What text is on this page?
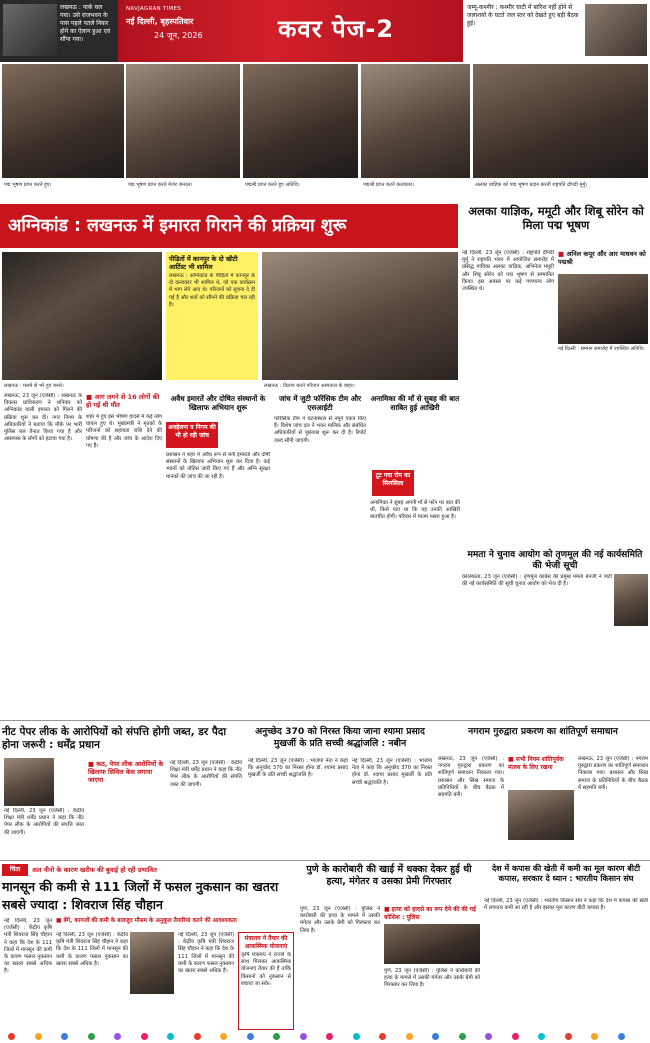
लखनऊ : पार्क चल गया। उसे राजभवन के पास पहले पतले निकर होने का ऐलान हुआ एवं सौंपा गया।
NAVJAGRAN TIMES
नई दिल्ली, बृहस्पतिवार
24 जून, 2026	कवर पेज-2
जम्मू-कश्मीर : कश्मीर घाटी में बारिश नहीं होने से जलाशयों के घटते जल स्तर को देखते हुए बड़ी बैठक हुई।
पद्म भूषण प्राप्त करते हुए।	पद्म भूषण प्राप्त करते मेजर जनरल।	पद्मश्री प्राप्त करते हुए अतिथि।	पद्मश्री प्राप्त करते कलाकार।	अलका याज्ञिक को पद्म भूषण प्रदान करतीं राष्ट्रपति द्रौपदी मुर्मू।
अग्निकांड : लखनऊ में इमारत गिराने की प्रक्रिया शुरू
अलका याज्ञिक, ममूटी और शिबू सोरेन को मिला पद्म भूषण
लखनऊ : मलबे से भरे हुए कमरे।
लखनऊ, 23 जून (एजेंसी) : लखनऊ के विकास प्राधिकरण ने शनिवार को अग्निकांड वाली इमारत को गिराने की प्रक्रिया शुरू कर दी। नगर निगम के अधिकारियों ने बताया कि मौके पर भारी पुलिस बल तैनात किया गया है और आसपास के लोगों को हटाया गया है।
■ आग लगने से 16 लोगों की हो गई थी मौत
शहर में हुए इस भीषण हादसे में कई लोग घायल हुए थे। मुख्यमंत्री ने मृतकों के परिजनों को सहायता राशि देने की घोषणा की है और जांच के आदेश दिए गए हैं।
पीड़ितों में कानपुर के दो खीटी आर्टिस्ट भी शामिल
लखनऊ : अग्निकांड के पीड़ितों में कानपुर के दो कलाकार भी शामिल थे, जो एक कार्यक्रम में भाग लेने आए थे। परिजनों को सूचना दे दी गई है और शवों को सौंपने की प्रक्रिया चल रही है।
लखनऊ : विलाप करते परिजन अस्पताल के बाहर।
अवैध इमारतें और दोषित संस्थानों के खिलाफ अभियान शुरू
अवहेलना व निगम की भी हो रही जांच
प्रशासन ने शहर में अवैध रूप से बनी इमारतों और दोषी संस्थानों के खिलाफ अभियान शुरू कर दिया है। कई भवनों को नोटिस जारी किए गए हैं और अग्नि सुरक्षा मानकों की जांच की जा रही है।
जांच में जुटी फॉरेंसिक टीम और एसआईटी
फॉरेंसिक टीम ने घटनास्थल से नमूने एकत्र किए हैं। विशेष जांच दल ने भवन मालिक और संबंधित अधिकारियों से पूछताछ शुरू कर दी है। रिपोर्ट जल्द सौंपी जाएगी।
अनामिका की माँ से सुबह की बात साबित हुई आखिरी
टूट गया रोम का सिलसिला
अनामिका ने सुबह अपनी माँ से फोन पर बात की थी, किसे पता था कि यह उनकी आखिरी बातचीत होगी। परिवार में मातम पसरा हुआ है।
नई दिल्ली, 23 जून (एजेंसी) : राष्ट्रपति द्रौपदी मुर्मू ने राष्ट्रपति भवन में आयोजित समारोह में प्रसिद्ध गायिका अलका याज्ञिक, अभिनेता ममूटी और शिबू सोरेन को पद्म भूषण से सम्मानित किया। इस अवसर पर कई गणमान्य लोग उपस्थित थे।
■ अनिल कपूर और आर माधवन को पद्मश्री
नई दिल्ली : सम्मान समारोह में उपस्थित अतिथि।
ममता ने चुनाव आयोग को तृणमूल की नई कार्यसमिति की भेजी सूची
कोलकाता, 23 जून (एजेंसी) : तृणमूल कांग्रेस की प्रमुख ममता बनर्जी ने पार्टी की नई कार्यसमिति की सूची चुनाव आयोग को भेज दी है।
नीट पेपर लीक के आरोपियों को संपत्ति होगी जब्त, डर पैदा होना जरूरी : धर्मेंद्र प्रधान
नई दिल्ली, 23 जून (एजेंसी) : केंद्रीय शिक्षा मंत्री धर्मेंद्र प्रधान ने कहा कि नीट पेपर लीक के आरोपियों की संपत्ति जब्त की जाएगी।
■ कठ, पेपर लीक आरोपियों के खिलाफ सिविल केस लगाया जाएगा
नई दिल्ली, 23 जून (एजेंसी) : केंद्रीय शिक्षा मंत्री धर्मेंद्र प्रधान ने कहा कि नीट पेपर लीक के आरोपियों की संपत्ति जब्त की जाएगी।
अनुच्छेद 370 को निरस्त किया जाना श्यामा प्रसाद मुखर्जी के प्रति सच्ची श्रद्धांजलि : नबीन
नई दिल्ली, 23 जून (एजेंसी) : भाजपा नेता ने कहा कि अनुच्छेद 370 का निरस्त होना डॉ. श्यामा प्रसाद मुखर्जी के प्रति सच्ची श्रद्धांजलि है।
नई दिल्ली, 23 जून (एजेंसी) : भाजपा नेता ने कहा कि अनुच्छेद 370 का निरस्त होना डॉ. श्यामा प्रसाद मुखर्जी के प्रति सच्ची श्रद्धांजलि है।
नगराम गुरुद्वारा प्रकरण का शांतिपूर्ण समाधान
लखनऊ, 23 जून (एजेंसी) : नगराम गुरुद्वारा प्रकरण का शांतिपूर्ण समाधान निकाला गया। प्रशासन और सिख समाज के प्रतिनिधियों के बीच बैठक में सहमति बनी।
■ सभी नियम शांतिपूर्वक मंतव्य के लिए रखना
लखनऊ, 23 जून (एजेंसी) : नगराम गुरुद्वारा प्रकरण का शांतिपूर्ण समाधान निकाला गया। प्रशासन और सिख समाज के प्रतिनिधियों के बीच बैठक में सहमति बनी।
चिंता	अल नीनो के कारण खरीफ की बुवाई हो रही प्रभावित
मानसून की कमी से 111 जिलों में फसल नुकसान का खतरा सबसे ज्यादा : शिवराज सिंह चौहान
नई दिल्ली, 23 जून (एजेंसी) : केंद्रीय कृषि मंत्री शिवराज सिंह चौहान ने कहा कि देश के 111 जिलों में मानसून की कमी के कारण फसल नुकसान का खतरा सबसे अधिक है।
■ बेंगे, कागजों की कमी के बावजूद मौसम के अनुकूल तैयारियां करने की आवश्यकता
नई दिल्ली, 23 जून (एजेंसी) : केंद्रीय कृषि मंत्री शिवराज सिंह चौहान ने कहा कि देश के 111 जिलों में मानसून की कमी के कारण फसल नुकसान का खतरा सबसे अधिक है।
नई दिल्ली, 23 जून (एजेंसी) : केंद्रीय कृषि मंत्री शिवराज सिंह चौहान ने कहा कि देश के 111 जिलों में मानसून की कमी के कारण फसल नुकसान का खतरा सबसे अधिक है।
मंत्रालय ने तैयार की आकस्मिक योजनाएं
कृषि मंत्रालय ने राज्यों के साथ मिलकर आकस्मिक योजनाएं तैयार की हैं ताकि किसानों को नुकसान से बचाया जा सके।
पुणे के कारोबारी की खाई में धक्का देकर हुई थी हत्या, मंगेतर व उसका प्रेमी गिरफ्तार
पुणे, 23 जून (एजेंसी) : पुलिस ने कारोबारी की हत्या के मामले में उसकी मंगेतर और उसके प्रेमी को गिरफ्तार कर लिया है।
■ हत्या को हादसे का रूप देने की की गई कोशिश : पुलिस
पुणे, 23 जून (एजेंसी) : पुलिस ने कारोबारी की हत्या के मामले में उसकी मंगेतर और उसके प्रेमी को गिरफ्तार कर लिया है।
देश में कपास की खेती में कमी का मूल कारण बीटी कपास, सरकार दे ध्यान : भारतीय किसान संघ
नई दिल्ली, 23 जून (एजेंसी) : भारतीय किसान संघ ने कहा कि देश में कपास की खेती में लगातार कमी आ रही है और इसका मूल कारण बीटी कपास है।
